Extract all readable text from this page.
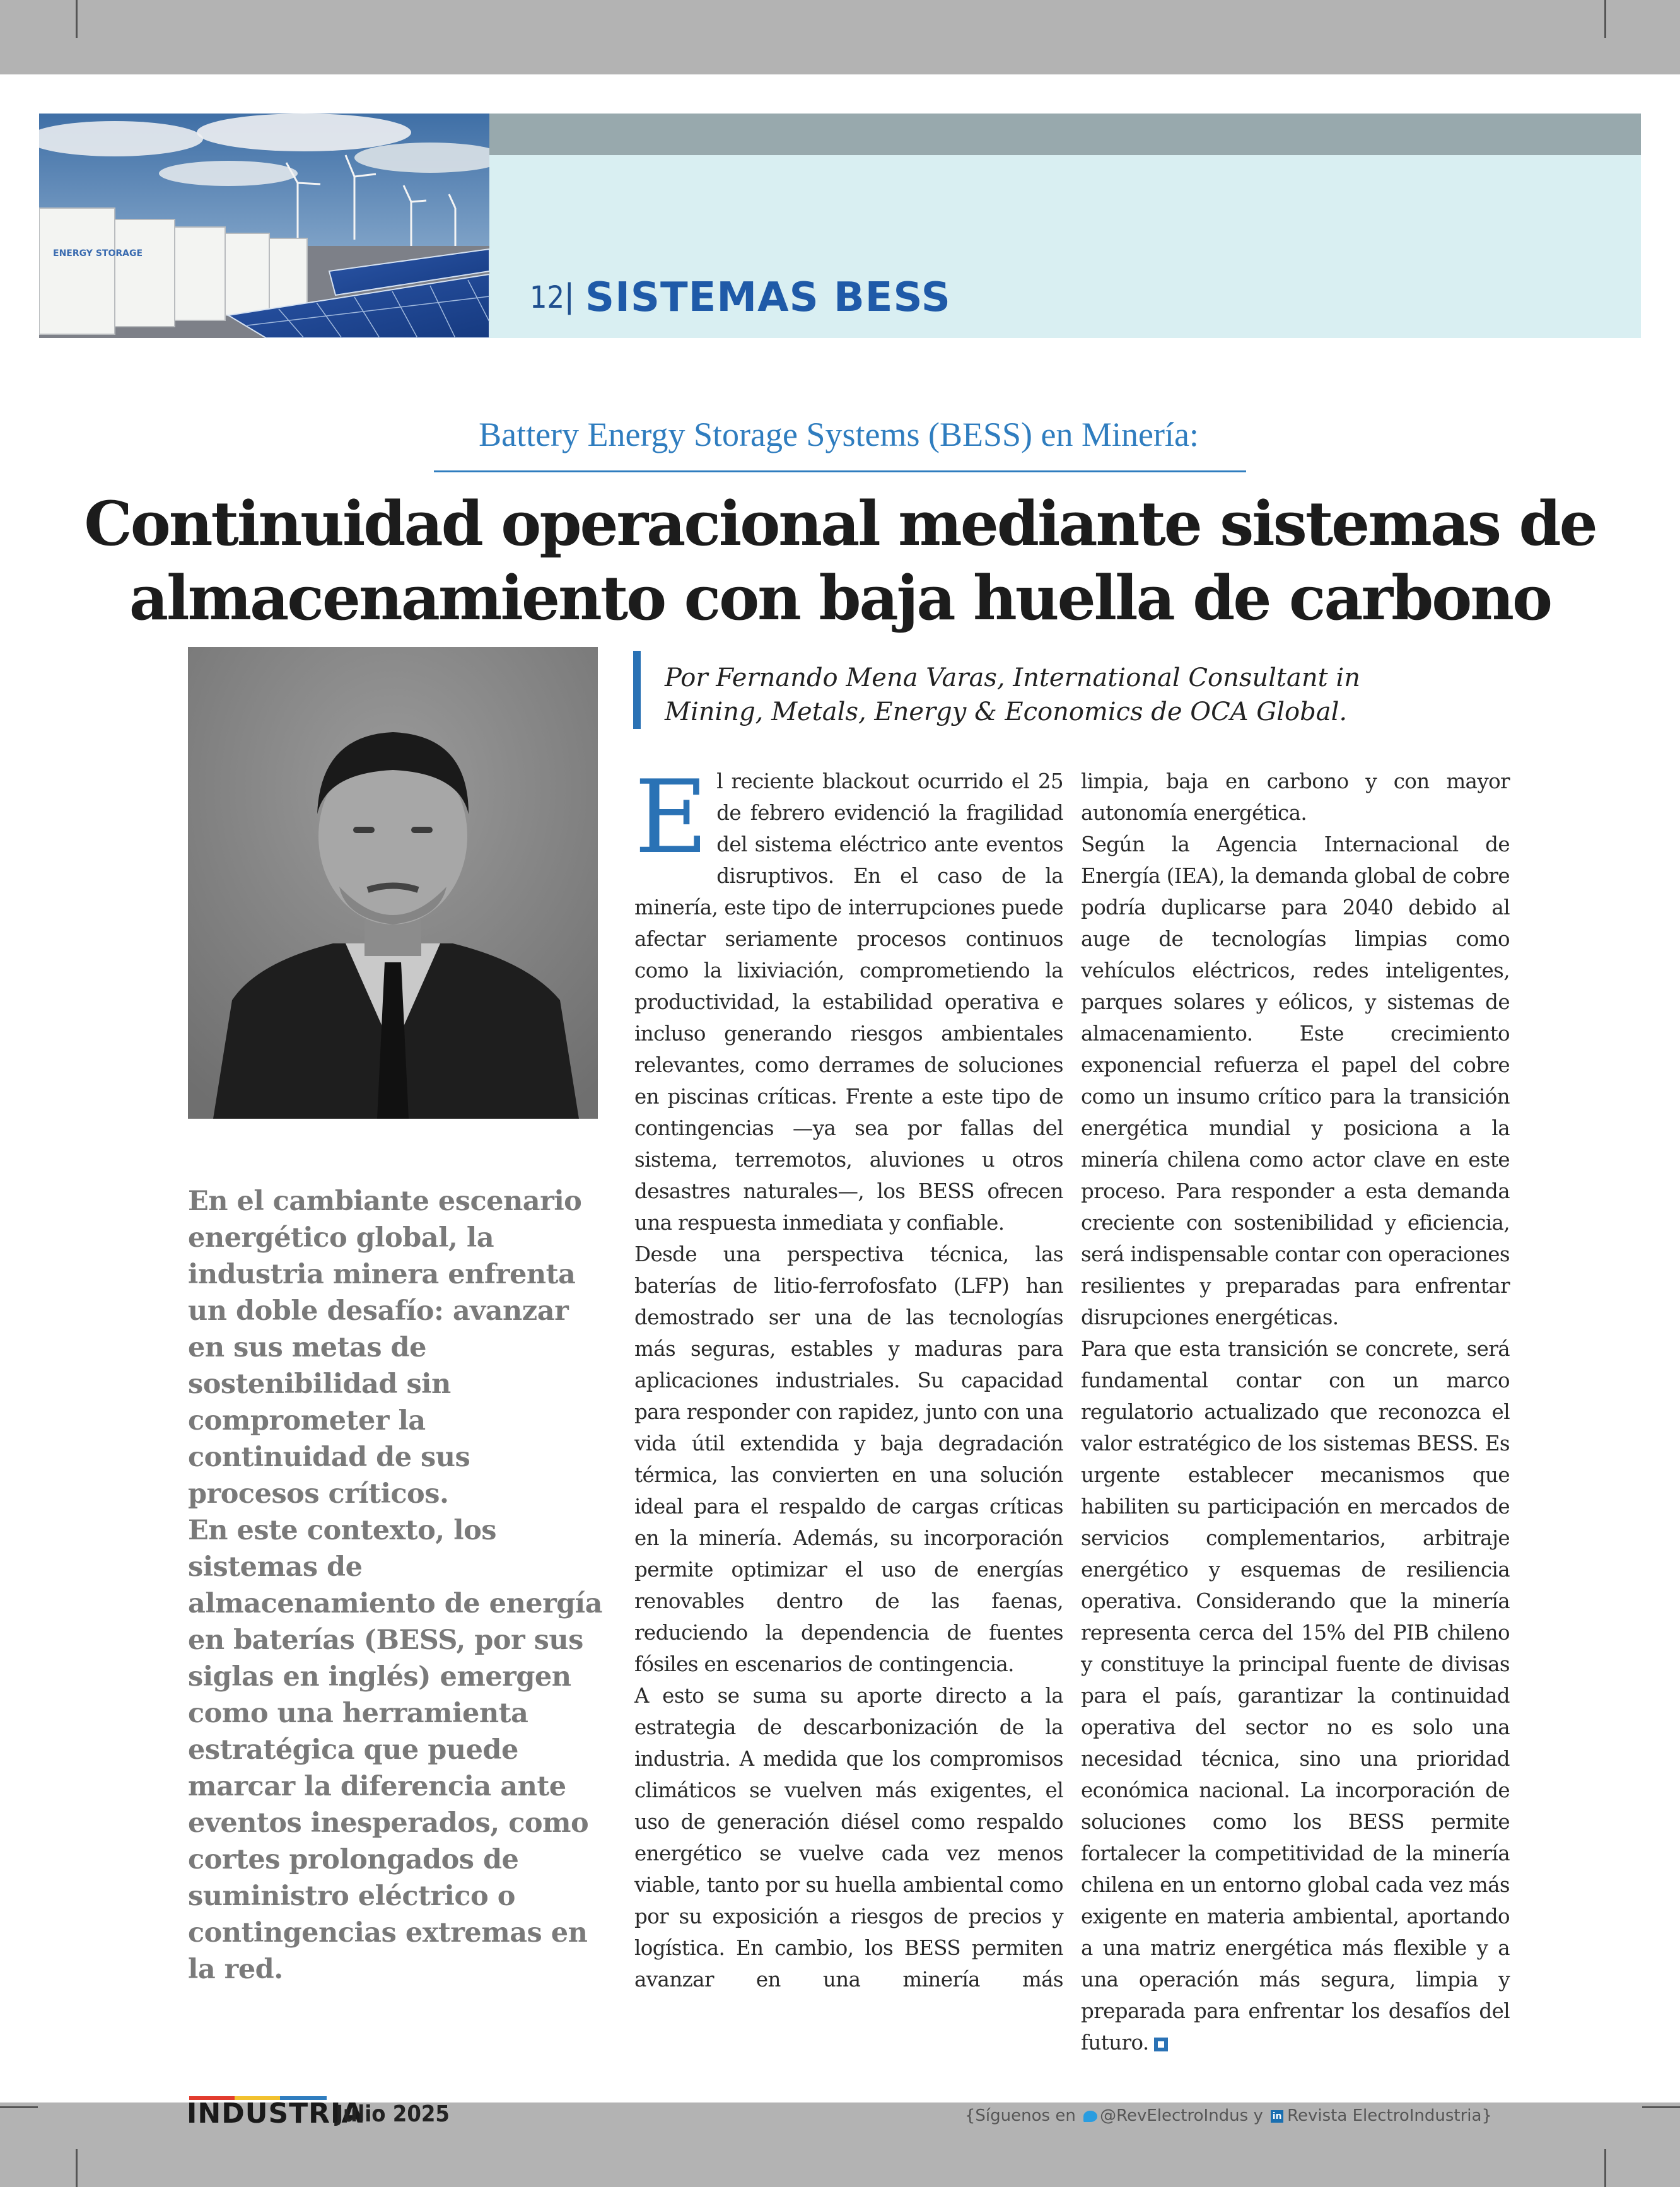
ENERGY STORAGE
12 | SISTEMAS BESS
Battery Energy Storage Systems (BESS) en Minería:
Continuidad operacional mediante sistemas de
almacenamiento con baja huella de carbono
Por Fernando Mena Varas, International Consultant in
Mining, Metals, Energy & Economics de OCA Global.

En el cambiante escenario energético global, la industria minera enfrenta un doble desafío: avanzar en sus metas de sostenibilidad sin comprometer la continuidad de sus procesos críticos.

En este contexto, los sistemas de almacenamiento de energía en baterías (BESS, por sus siglas en inglés) emergen como una herramienta estratégica que puede marcar la diferencia ante eventos inesperados, como cortes prolongados de suministro eléctrico o contingencias extremas en la red.

El reciente blackout ocurrido el 25 de febrero evidenció la fragilidad del sistema eléctrico ante eventos disruptivos. En el caso de la minería, este tipo de interrupciones puede afectar seriamente procesos continuos como la lixiviación, comprometiendo la productividad, la estabilidad operativa e incluso generando riesgos ambientales relevantes, como derrames de soluciones en piscinas críticas. Frente a este tipo de contingencias —ya sea por fallas del sistema, terremotos, aluviones u otros desastres naturales—, los BESS ofrecen una respuesta inmediata y confiable.

Desde una perspectiva técnica, las baterías de litio-ferrofosfato (LFP) han demostrado ser una de las tecnologías más seguras, estables y maduras para aplicaciones industriales. Su capacidad para responder con rapidez, junto con una vida útil extendida y baja degradación térmica, las convierten en una solución ideal para el respaldo de cargas críticas en la minería. Además, su incorporación permite optimizar el uso de energías renovables dentro de las faenas, reduciendo la dependencia de fuentes fósiles en escenarios de contingencia.

A esto se suma su aporte directo a la estrategia de descarbonización de la industria. A medida que los compromisos climáticos se vuelven más exigentes, el uso de generación diésel como respaldo energético se vuelve cada vez menos viable, tanto por su huella ambiental como por su exposición a riesgos de precios y logística. En cambio, los BESS permiten avanzar en una minería más

limpia, baja en carbono y con mayor autonomía energética.

Según la Agencia Internacional de Energía (IEA), la demanda global de cobre podría duplicarse para 2040 debido al auge de tecnologías limpias como vehículos eléctricos, redes inteligentes, parques solares y eólicos, y sistemas de almacenamiento. Este crecimiento exponencial refuerza el papel del cobre como un insumo crítico para la transición energética mundial y posiciona a la minería chilena como actor clave en este proceso. Para responder a esta demanda creciente con sostenibilidad y eficiencia, será indispensable contar con operaciones resilientes y preparadas para enfrentar disrupciones energéticas.

Para que esta transición se concrete, será fundamental contar con un marco regulatorio actualizado que reconozca el valor estratégico de los sistemas BESS. Es urgente establecer mecanismos que habiliten su participación en mercados de servicios complementarios, arbitraje energético y esquemas de resiliencia operativa. Considerando que la minería representa cerca del 15% del PIB chileno y constituye la principal fuente de divisas para el país, garantizar la continuidad operativa del sector no es solo una necesidad técnica, sino una prioridad económica nacional. La incorporación de soluciones como los BESS permite fortalecer la competitividad de la minería chilena en un entorno global cada vez más exigente en materia ambiental, aportando a una matriz energética más flexible y a una operación más segura, limpia y preparada para enfrentar los desafíos del futuro.

INDUSTRIA
Julio 2025	{Síguenos en @RevElectroIndus y in Revista ElectroIndustria}
